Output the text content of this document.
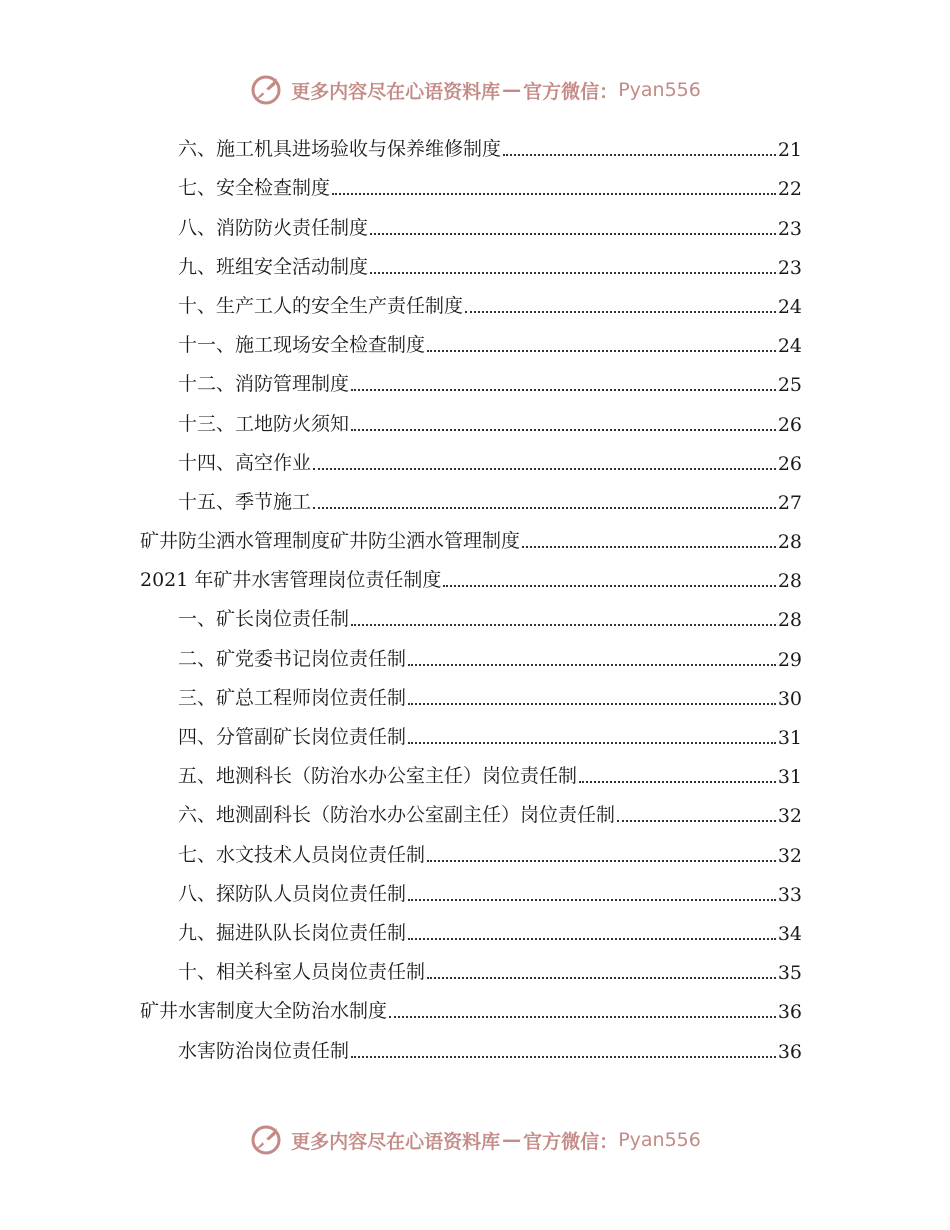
更多内容尽在心语资料库 — 官方微信： Pyan556
六、施工机具进场验收与保养维修制度	21
七、安全检查制度	22
八、消防防火责任制度	23
九、班组安全活动制度	23
十、生产工人的安全生产责任制度	24
十一、施工现场安全检查制度	24
十二、消防管理制度	25
十三、工地防火须知	26
十四、高空作业	26
十五、季节施工	27
矿井防尘洒水管理制度矿井防尘洒水管理制度	28
2021 年矿井水害管理岗位责任制度	28
一、矿长岗位责任制	28
二、矿党委书记岗位责任制	29
三、矿总工程师岗位责任制	30
四、分管副矿长岗位责任制	31
五、地测科长（防治水办公室主任）岗位责任制	31
六、地测副科长（防治水办公室副主任）岗位责任制	32
七、水文技术人员岗位责任制	32
八、探防队人员岗位责任制	33
九、掘进队队长岗位责任制	34
十、相关科室人员岗位责任制	35
矿井水害制度大全防治水制度	36
水害防治岗位责任制	36
更多内容尽在心语资料库 — 官方微信： Pyan556
